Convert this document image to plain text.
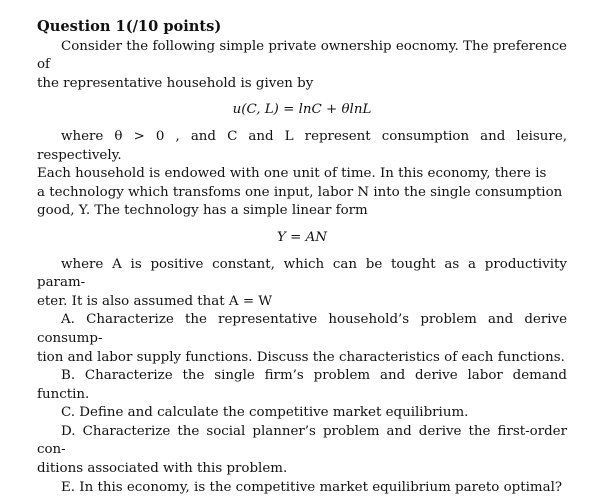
Question 1(/10 points)

Consider the following simple private ownership eocnomy. The preference of

the representative household is given by

u(C, L) = lnC + θlnL

where θ > 0 , and C and L represent consumption and leisure, respectively.

Each household is endowed with one unit of time. In this economy, there is

a technology which transfoms one input, labor N into the single consumption

good, Y. The technology has a simple linear form

Y = AN

where A is positive constant, which can be tought as a productivity param-

eter. It is also assumed that A = W

A. Characterize the representative household’s problem and derive consump-

tion and labor supply functions. Discuss the characteristics of each functions.

B. Characterize the single firm’s problem and derive labor demand functin.

C. Define and calculate the competitive market equilibrium.

D. Characterize the social planner’s problem and derive the first-order con-

ditions associated with this problem.

E. In this economy, is the competitive market equilibrium pareto optimal?
